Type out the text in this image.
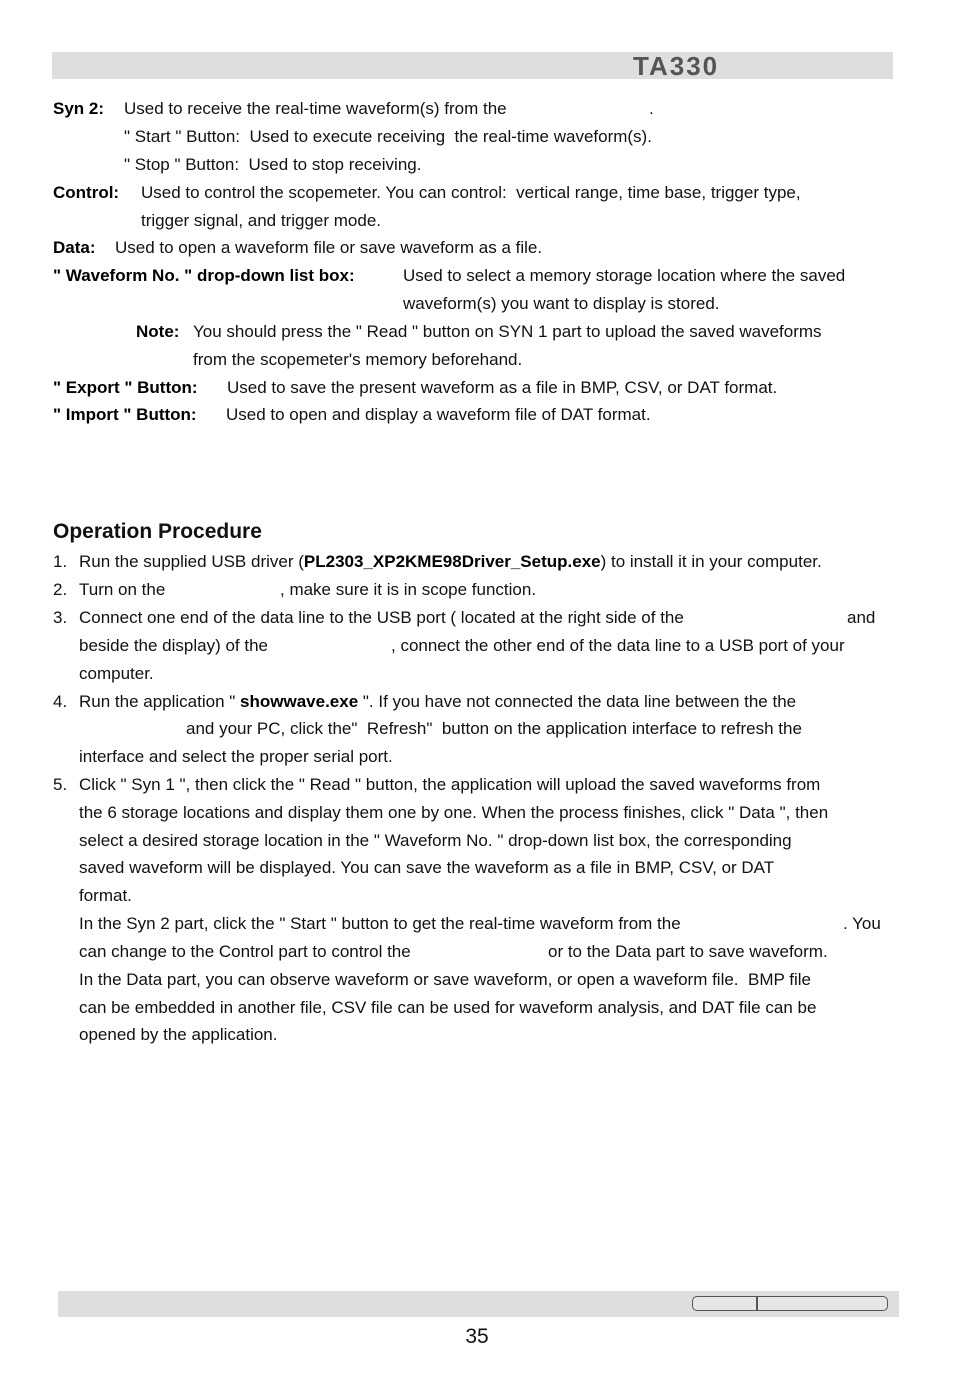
TA330
Syn 2: Used to receive the real-time waveform(s) from the	.
" Start " Button:  Used to execute receiving  the real-time waveform(s).
" Stop " Button:  Used to stop receiving.
Control: Used to control the scopemeter. You can control:  vertical range, time base, trigger type,
trigger signal, and trigger mode.
Data: Used to open a waveform file or save waveform as a file.
" Waveform No. " drop-down list box:	Used to select a memory storage location where the saved
waveform(s) you want to display is stored.
Note: You should press the " Read " button on SYN 1 part to upload the saved waveforms
from the scopemeter's memory beforehand.
" Export " Button: Used to save the present waveform as a file in BMP, CSV, or DAT format.
" Import " Button: Used to open and display a waveform file of DAT format.
Operation Procedure
1. Run the supplied USB driver (PL2303_XP2KME98Driver_Setup.exe) to install it in your computer.
2. Turn on the	, make sure it is in scope function.
3. Connect one end of the data line to the USB port ( located at the right side of the	and
beside the display) of the	, connect the other end of the data line to a USB port of your
computer.
4. Run the application " showwave.exe ". If you have not connected the data line between the the
and your PC, click the"  Refresh"  button on the application interface to refresh the
interface and select the proper serial port.
5. Click " Syn 1 ", then click the " Read " button, the application will upload the saved waveforms from
the 6 storage locations and display them one by one. When the process finishes, click " Data ", then
select a desired storage location in the " Waveform No. " drop-down list box, the corresponding
saved waveform will be displayed. You can save the waveform as a file in BMP, CSV, or DAT
format.
In the Syn 2 part, click the " Start " button to get the real-time waveform from the	. You
can change to the Control part to control the	or to the Data part to save waveform.
In the Data part, you can observe waveform or save waveform, or open a waveform file.  BMP file
can be embedded in another file, CSV file can be used for waveform analysis, and DAT file can be
opened by the application.
35
